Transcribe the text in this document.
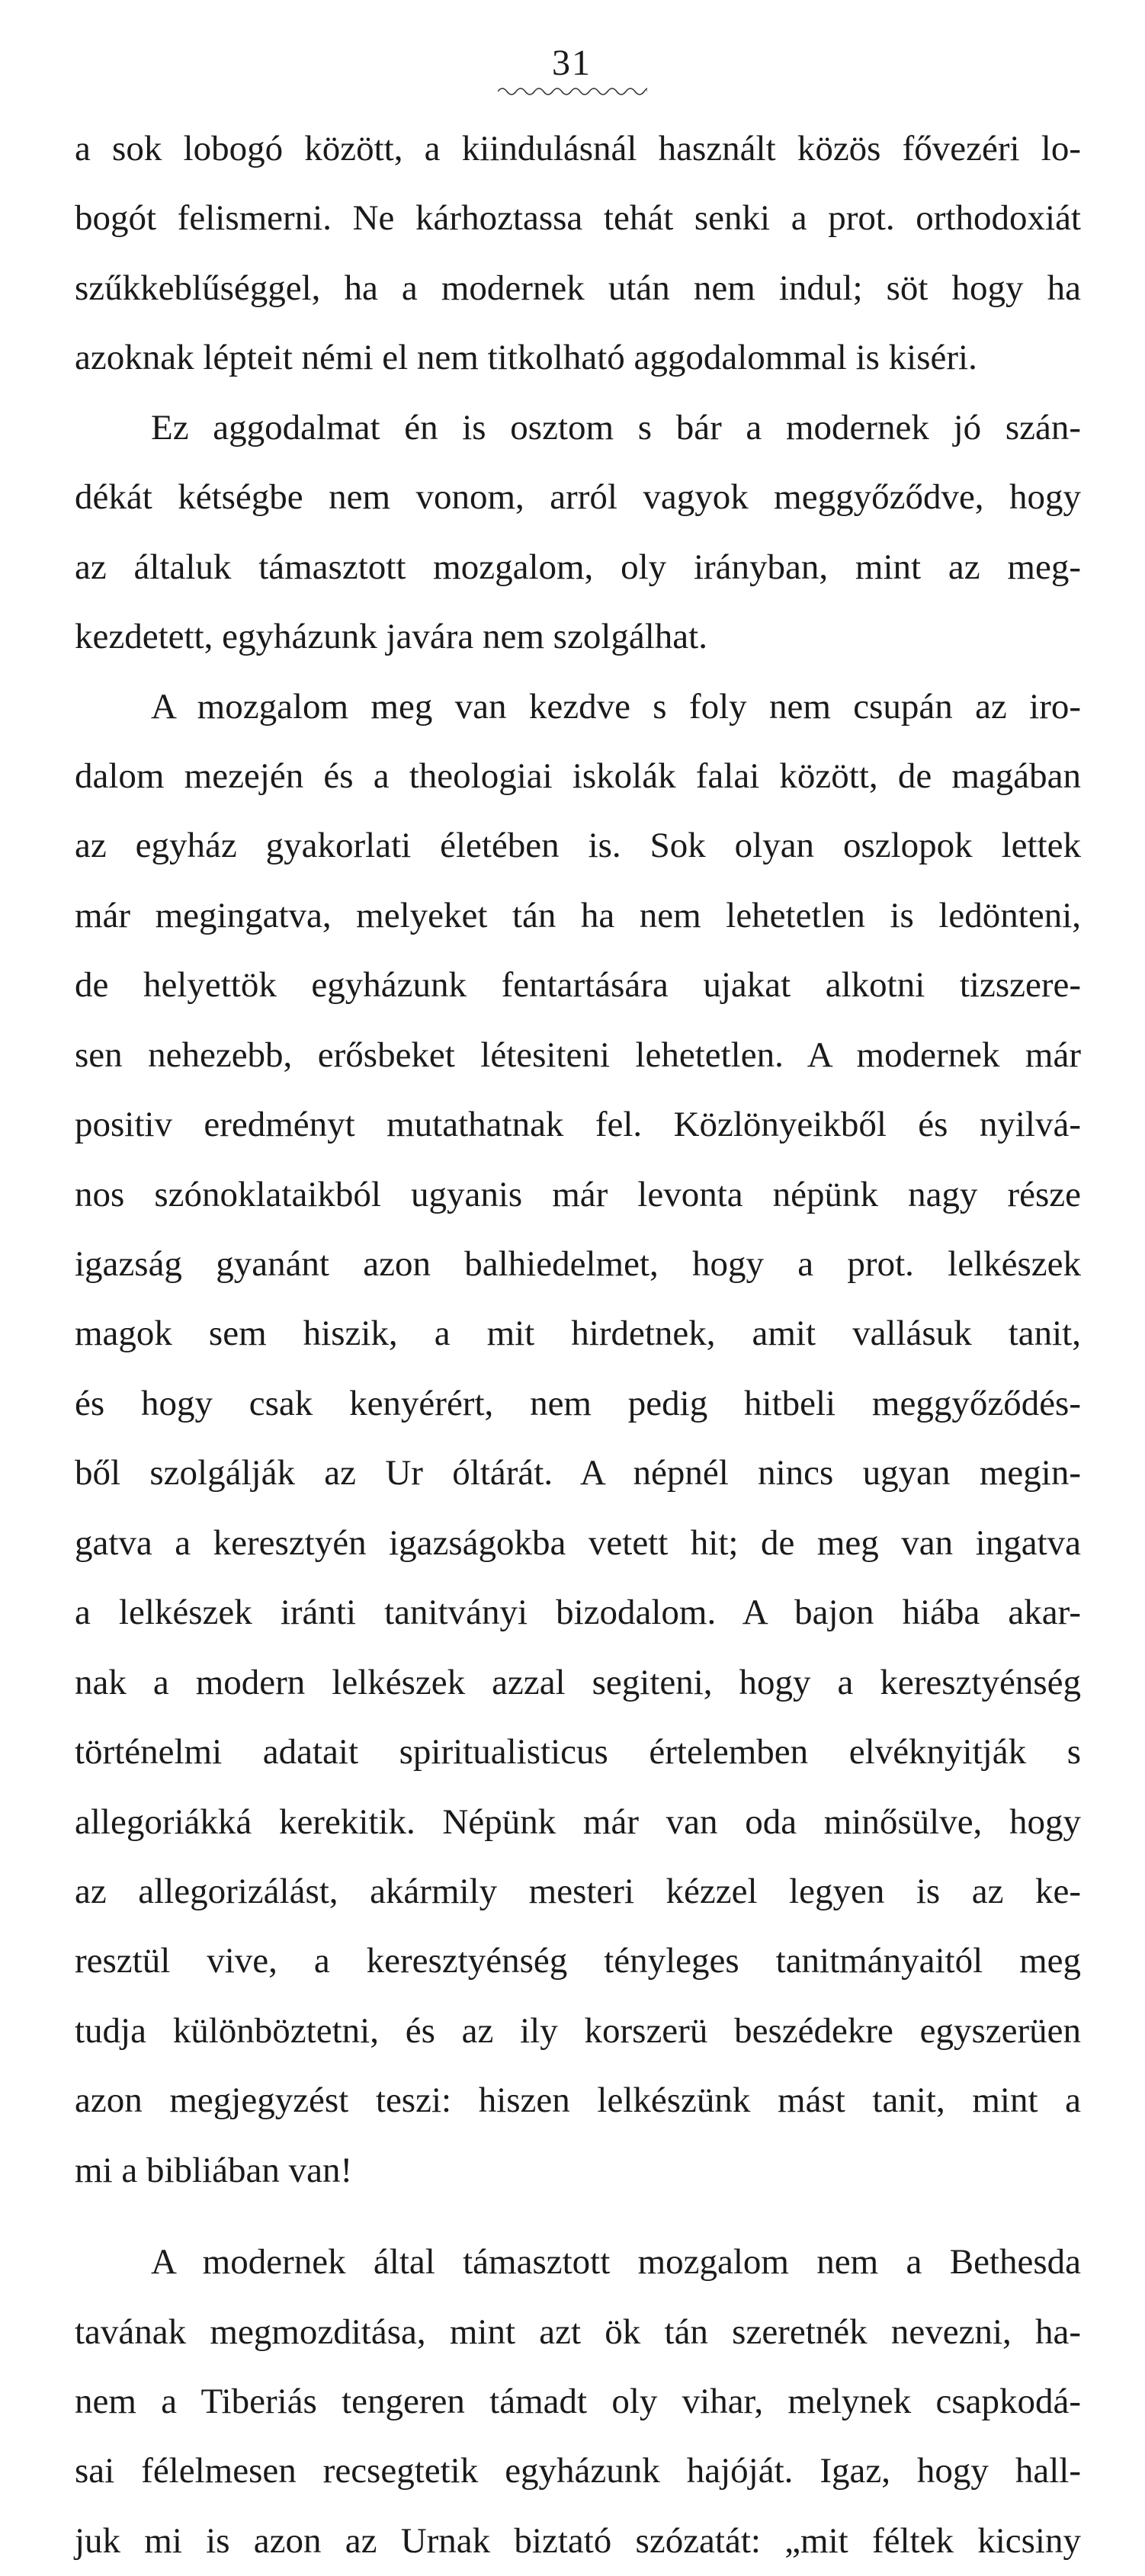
31
a sok lobogó között, a kiindulásnál használt közös fővezéri lo-
bogót felismerni. Ne kárhoztassa tehát senki a prot. orthodoxiát
szűkkeblűséggel, ha a modernek után nem indul; söt hogy ha
azoknak lépteit némi el nem titkolható aggodalommal is kiséri.
Ez aggodalmat én is osztom s bár a modernek jó szán-
dékát kétségbe nem vonom, arról vagyok meggyőződve, hogy
az általuk támasztott mozgalom, oly irányban, mint az meg-
kezdetett, egyházunk javára nem szolgálhat.
A mozgalom meg van kezdve s foly nem csupán az iro-
dalom mezején és a theologiai iskolák falai között, de magában
az egyház gyakorlati életében is. Sok olyan oszlopok lettek
már megingatva, melyeket tán ha nem lehetetlen is ledönteni,
de helyettök egyházunk fentartására ujakat alkotni tizszere-
sen nehezebb, erősbeket létesiteni lehetetlen. A modernek már
positiv eredményt mutathatnak fel. Közlönyeikből és nyilvá-
nos szónoklataikból ugyanis már levonta népünk nagy része
igazság gyanánt azon balhiedelmet, hogy a prot. lelkészek
magok sem hiszik, a mit hirdetnek, amit vallásuk tanit,
és hogy csak kenyérért, nem pedig hitbeli meggyőződés-
ből szolgálják az Ur óltárát. A népnél nincs ugyan megin-
gatva a keresztyén igazságokba vetett hit; de meg van ingatva
a lelkészek iránti tanitványi bizodalom. A bajon hiába akar-
nak a modern lelkészek azzal segiteni, hogy a keresztyénség
történelmi adatait spiritualisticus értelemben elvéknyitják s
allegoriákká kerekitik. Népünk már van oda minősülve, hogy
az allegorizálást, akármily mesteri kézzel legyen is az ke-
resztül vive, a keresztyénség tényleges tanitmányaitól meg
tudja különböztetni, és az ily korszerü beszédekre egyszerüen
azon megjegyzést teszi: hiszen lelkészünk mást tanit, mint a
mi a bibliában van!
A modernek által támasztott mozgalom nem a Bethesda
tavának megmozditása, mint azt ök tán szeretnék nevezni, ha-
nem a Tiberiás tengeren támadt oly vihar, melynek csapkodá-
sai félelmesen recsegtetik egyházunk hajóját. Igaz, hogy hall-
juk mi is azon az Urnak biztató szózatát: „mit féltek kicsiny
